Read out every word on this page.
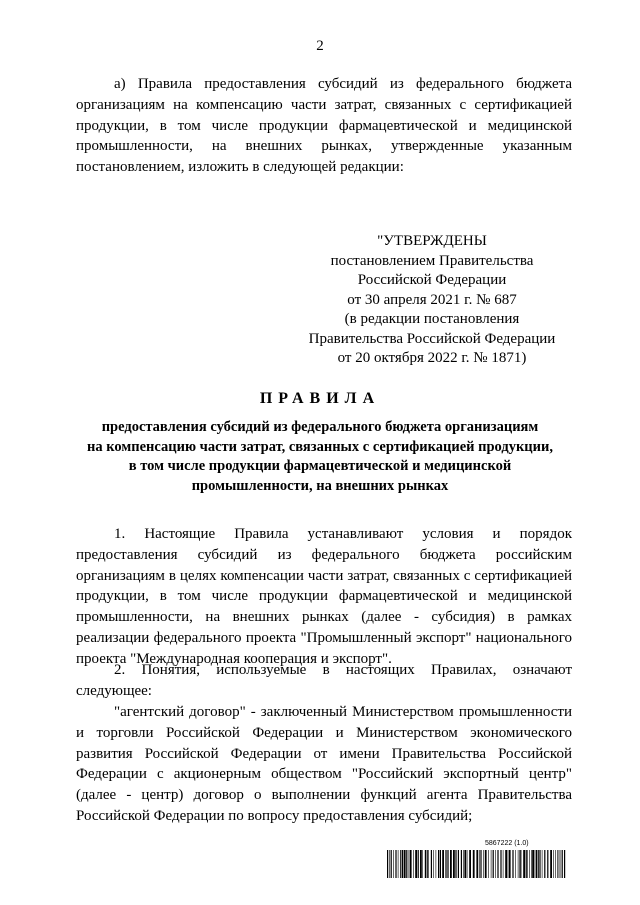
2

а) Правила предоставления субсидий из федерального бюджета организациям на компенсацию части затрат, связанных с сертификацией продукции, в том числе продукции фармацевтической и медицинской промышленности, на внешних рынках, утвержденные указанным постановлением, изложить в следующей редакции:

"УТВЕРЖДЕНЫ
постановлением Правительства
Российской Федерации
от 30 апреля 2021 г. № 687
(в редакции постановления
Правительства Российской Федерации
от 20 октября 2022 г. № 1871)
ПРАВИЛА
предоставления субсидий из федерального бюджета организациям
на компенсацию части затрат, связанных с сертификацией продукции,
в том числе продукции фармацевтической и медицинской
промышленности, на внешних рынках

1. Настоящие Правила устанавливают условия и порядок предоставления субсидий из федерального бюджета российским организациям в целях компенсации части затрат, связанных с сертификацией продукции, в том числе продукции фармацевтической и медицинской промышленности, на внешних рынках (далее - субсидия) в рамках реализации федерального проекта "Промышленный экспорт" национального проекта "Международная кооперация и экспорт".

2. Понятия, используемые в настоящих Правилах, означают следующее:

"агентский договор" - заключенный Министерством промышленности и торговли Российской Федерации и Министерством экономического развития Российской Федерации от имени Правительства Российской Федерации с акционерным обществом "Российский экспортный центр" (далее - центр) договор о выполнении функций агента Правительства Российской Федерации по вопросу предоставления субсидий;

5867222 (1.0)
